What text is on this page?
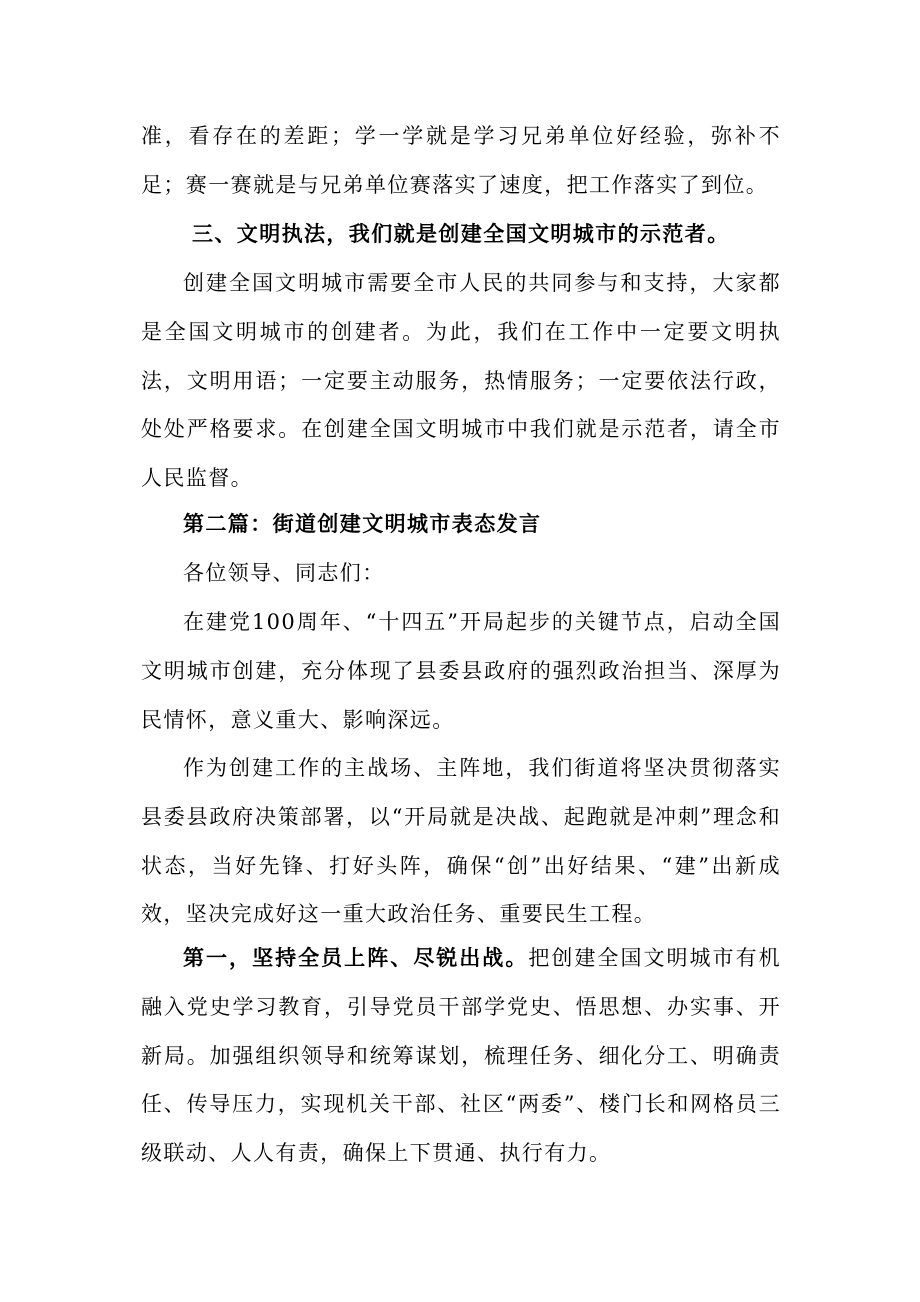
准，看存在的差距；学一学就是学习兄弟单位好经验，弥补不足；赛一赛就是与兄弟单位赛落实了速度，把工作落实了到位。

三、文明执法，我们就是创建全国文明城市的示范者。

创建全国文明城市需要全市人民的共同参与和支持，大家都是全国文明城市的创建者。为此，我们在工作中一定要文明执法，文明用语；一定要主动服务，热情服务；一定要依法行政，处处严格要求。在创建全国文明城市中我们就是示范者，请全市人民监督。

第二篇：街道创建文明城市表态发言

各位领导、同志们：

在建党100周年、“十四五”开局起步的关键节点，启动全国文明城市创建，充分体现了县委县政府的强烈政治担当、深厚为民情怀，意义重大、影响深远。

作为创建工作的主战场、主阵地，我们街道将坚决贯彻落实县委县政府决策部署，以“开局就是决战、起跑就是冲刺”理念和状态，当好先锋、打好头阵，确保“创”出好结果、“建”出新成效，坚决完成好这一重大政治任务、重要民生工程。

第一，坚持全员上阵、尽锐出战。把创建全国文明城市有机融入党史学习教育，引导党员干部学党史、悟思想、办实事、开新局。加强组织领导和统筹谋划，梳理任务、细化分工、明确责任、传导压力，实现机关干部、社区“两委”、楼门长和网格员三级联动、人人有责，确保上下贯通、执行有力。
